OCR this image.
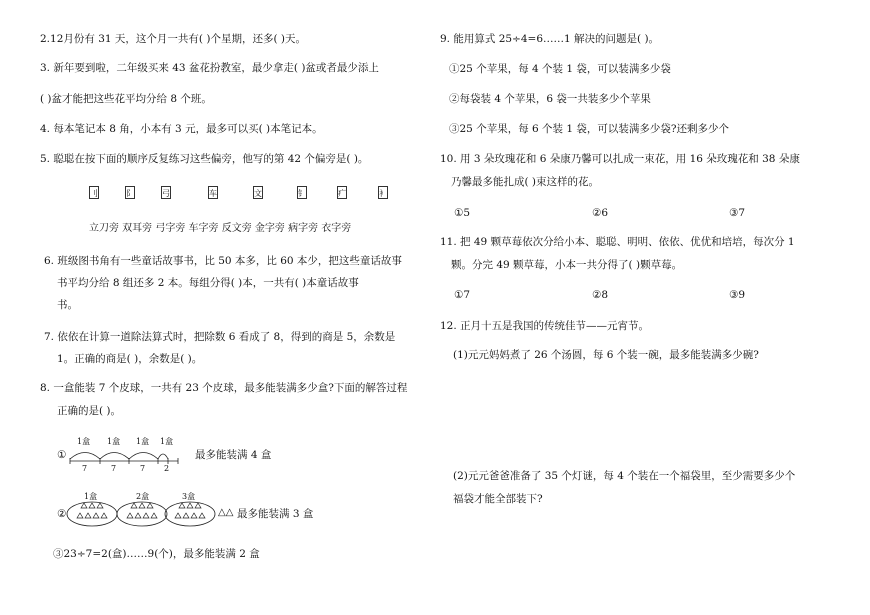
2.12月份有 31 天，这个月一共有( )个星期，还多( )天。
3. 新年要到啦，二年级买来 43 盆花扮教室，最少拿走( )盆或者最少添上
( )盆才能把这些花平均分给 8 个班。
4. 每本笔记本 8 角，小本有 3 元，最多可以买( )本笔记本。
5. 聪聪在按下面的顺序反复练习这些偏旁，他写的第 42 个偏旁是( )。
刂	阝	弓	车	文	钅	疒	衤
立刀旁 双耳旁 弓字旁 车字旁 反文旁 金字旁 病字旁 衣字旁
6. 班级图书角有一些童话故事书，比 50 本多，比 60 本少，把这些童话故事
书平均分给 8 组还多 2 本。每组分得( )本，一共有( )本童话故事
书。
7. 依依在计算一道除法算式时，把除数 6 看成了 8，得到的商是 5，余数是
1。正确的商是( )，余数是( )。
8. 一盒能装 7 个皮球，一共有 23 个皮球，最多能装满多少盒?下面的解答过程
正确的是( )。
①
1盒 1盒 1盒 1盒
7	7	7 2
最多能装满 4 盒
②
1盒	2盒	3盒
△△ 最多能装满 3 盒
③23÷7=2(盒)……9(个)，最多能装满 2 盒
9. 能用算式 25÷4=6……1 解决的问题是( )。
①25 个苹果，每 4 个装 1 袋，可以装满多少袋
②每袋装 4 个苹果，6 袋一共装多少个苹果
③25 个苹果，每 6 个装 1 袋，可以装满多少袋?还剩多少个
10. 用 3 朵玫瑰花和 6 朵康乃馨可以扎成一束花，用 16 朵玫瑰花和 38 朵康
乃馨最多能扎成( )束这样的花。
①5	②6	③7
11. 把 49 颗草莓依次分给小本、聪聪、明明、依依、优优和培培，每次分 1
颗。分完 49 颗草莓，小本一共分得了( )颗草莓。
①7	②8	③9
12. 正月十五是我国的传统佳节——元宵节。
(1)元元妈妈煮了 26 个汤圆，每 6 个装一碗，最多能装满多少碗?
(2)元元爸爸准备了 35 个灯谜，每 4 个装在一个福袋里，至少需要多少个
福袋才能全部装下?
